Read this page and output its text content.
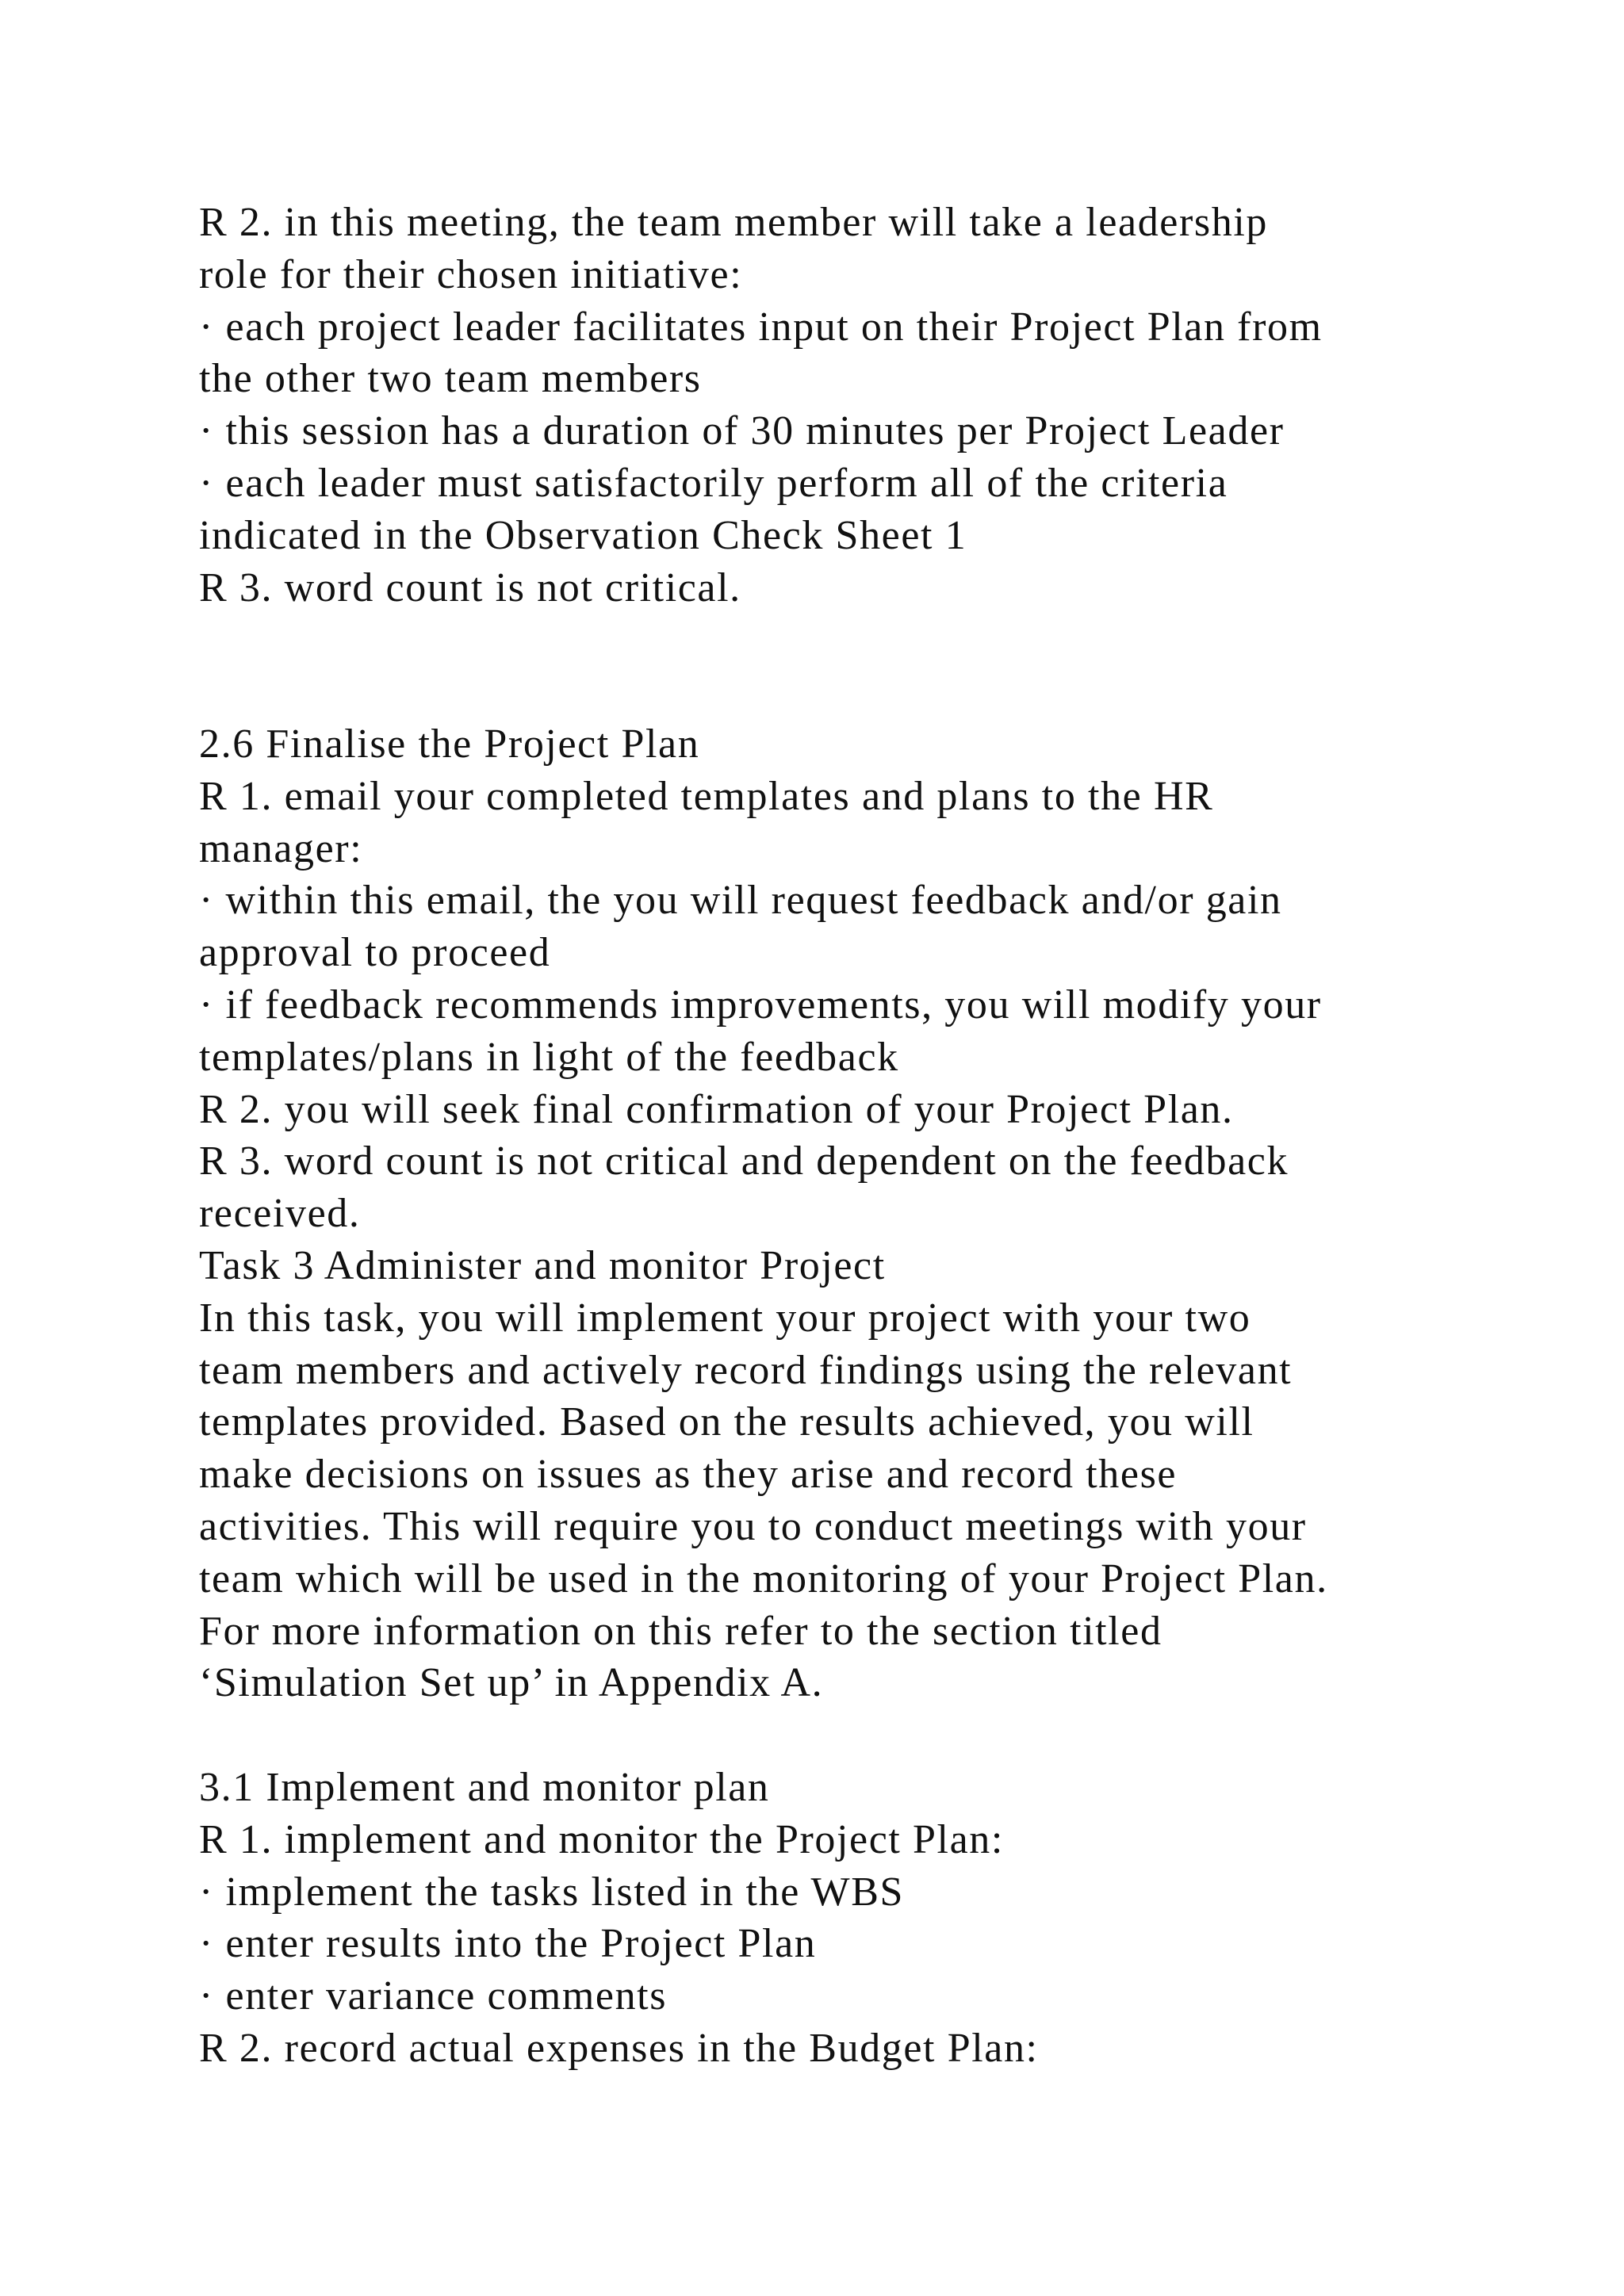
R 2. in this meeting, the team member will take a leadership
role for their chosen initiative:
· each project leader facilitates input on their Project Plan from
the other two team members
· this session has a duration of 30 minutes per Project Leader
· each leader must satisfactorily perform all of the criteria
indicated in the Observation Check Sheet 1
R 3. word count is not critical.
2.6 Finalise the Project Plan
R 1. email your completed templates and plans to the HR
manager:
· within this email, the you will request feedback and/or gain
approval to proceed
· if feedback recommends improvements, you will modify your
templates/plans in light of the feedback
R 2. you will seek final confirmation of your Project Plan.
R 3. word count is not critical and dependent on the feedback
received.
Task 3 Administer and monitor Project
In this task, you will implement your project with your two
team members and actively record findings using the relevant
templates provided. Based on the results achieved, you will
make decisions on issues as they arise and record these
activities. This will require you to conduct meetings with your
team which will be used in the monitoring of your Project Plan.
For more information on this refer to the section titled
‘Simulation Set up’ in Appendix A.
3.1 Implement and monitor plan
R 1. implement and monitor the Project Plan:
· implement the tasks listed in the WBS
· enter results into the Project Plan
· enter variance comments
R 2. record actual expenses in the Budget Plan:
